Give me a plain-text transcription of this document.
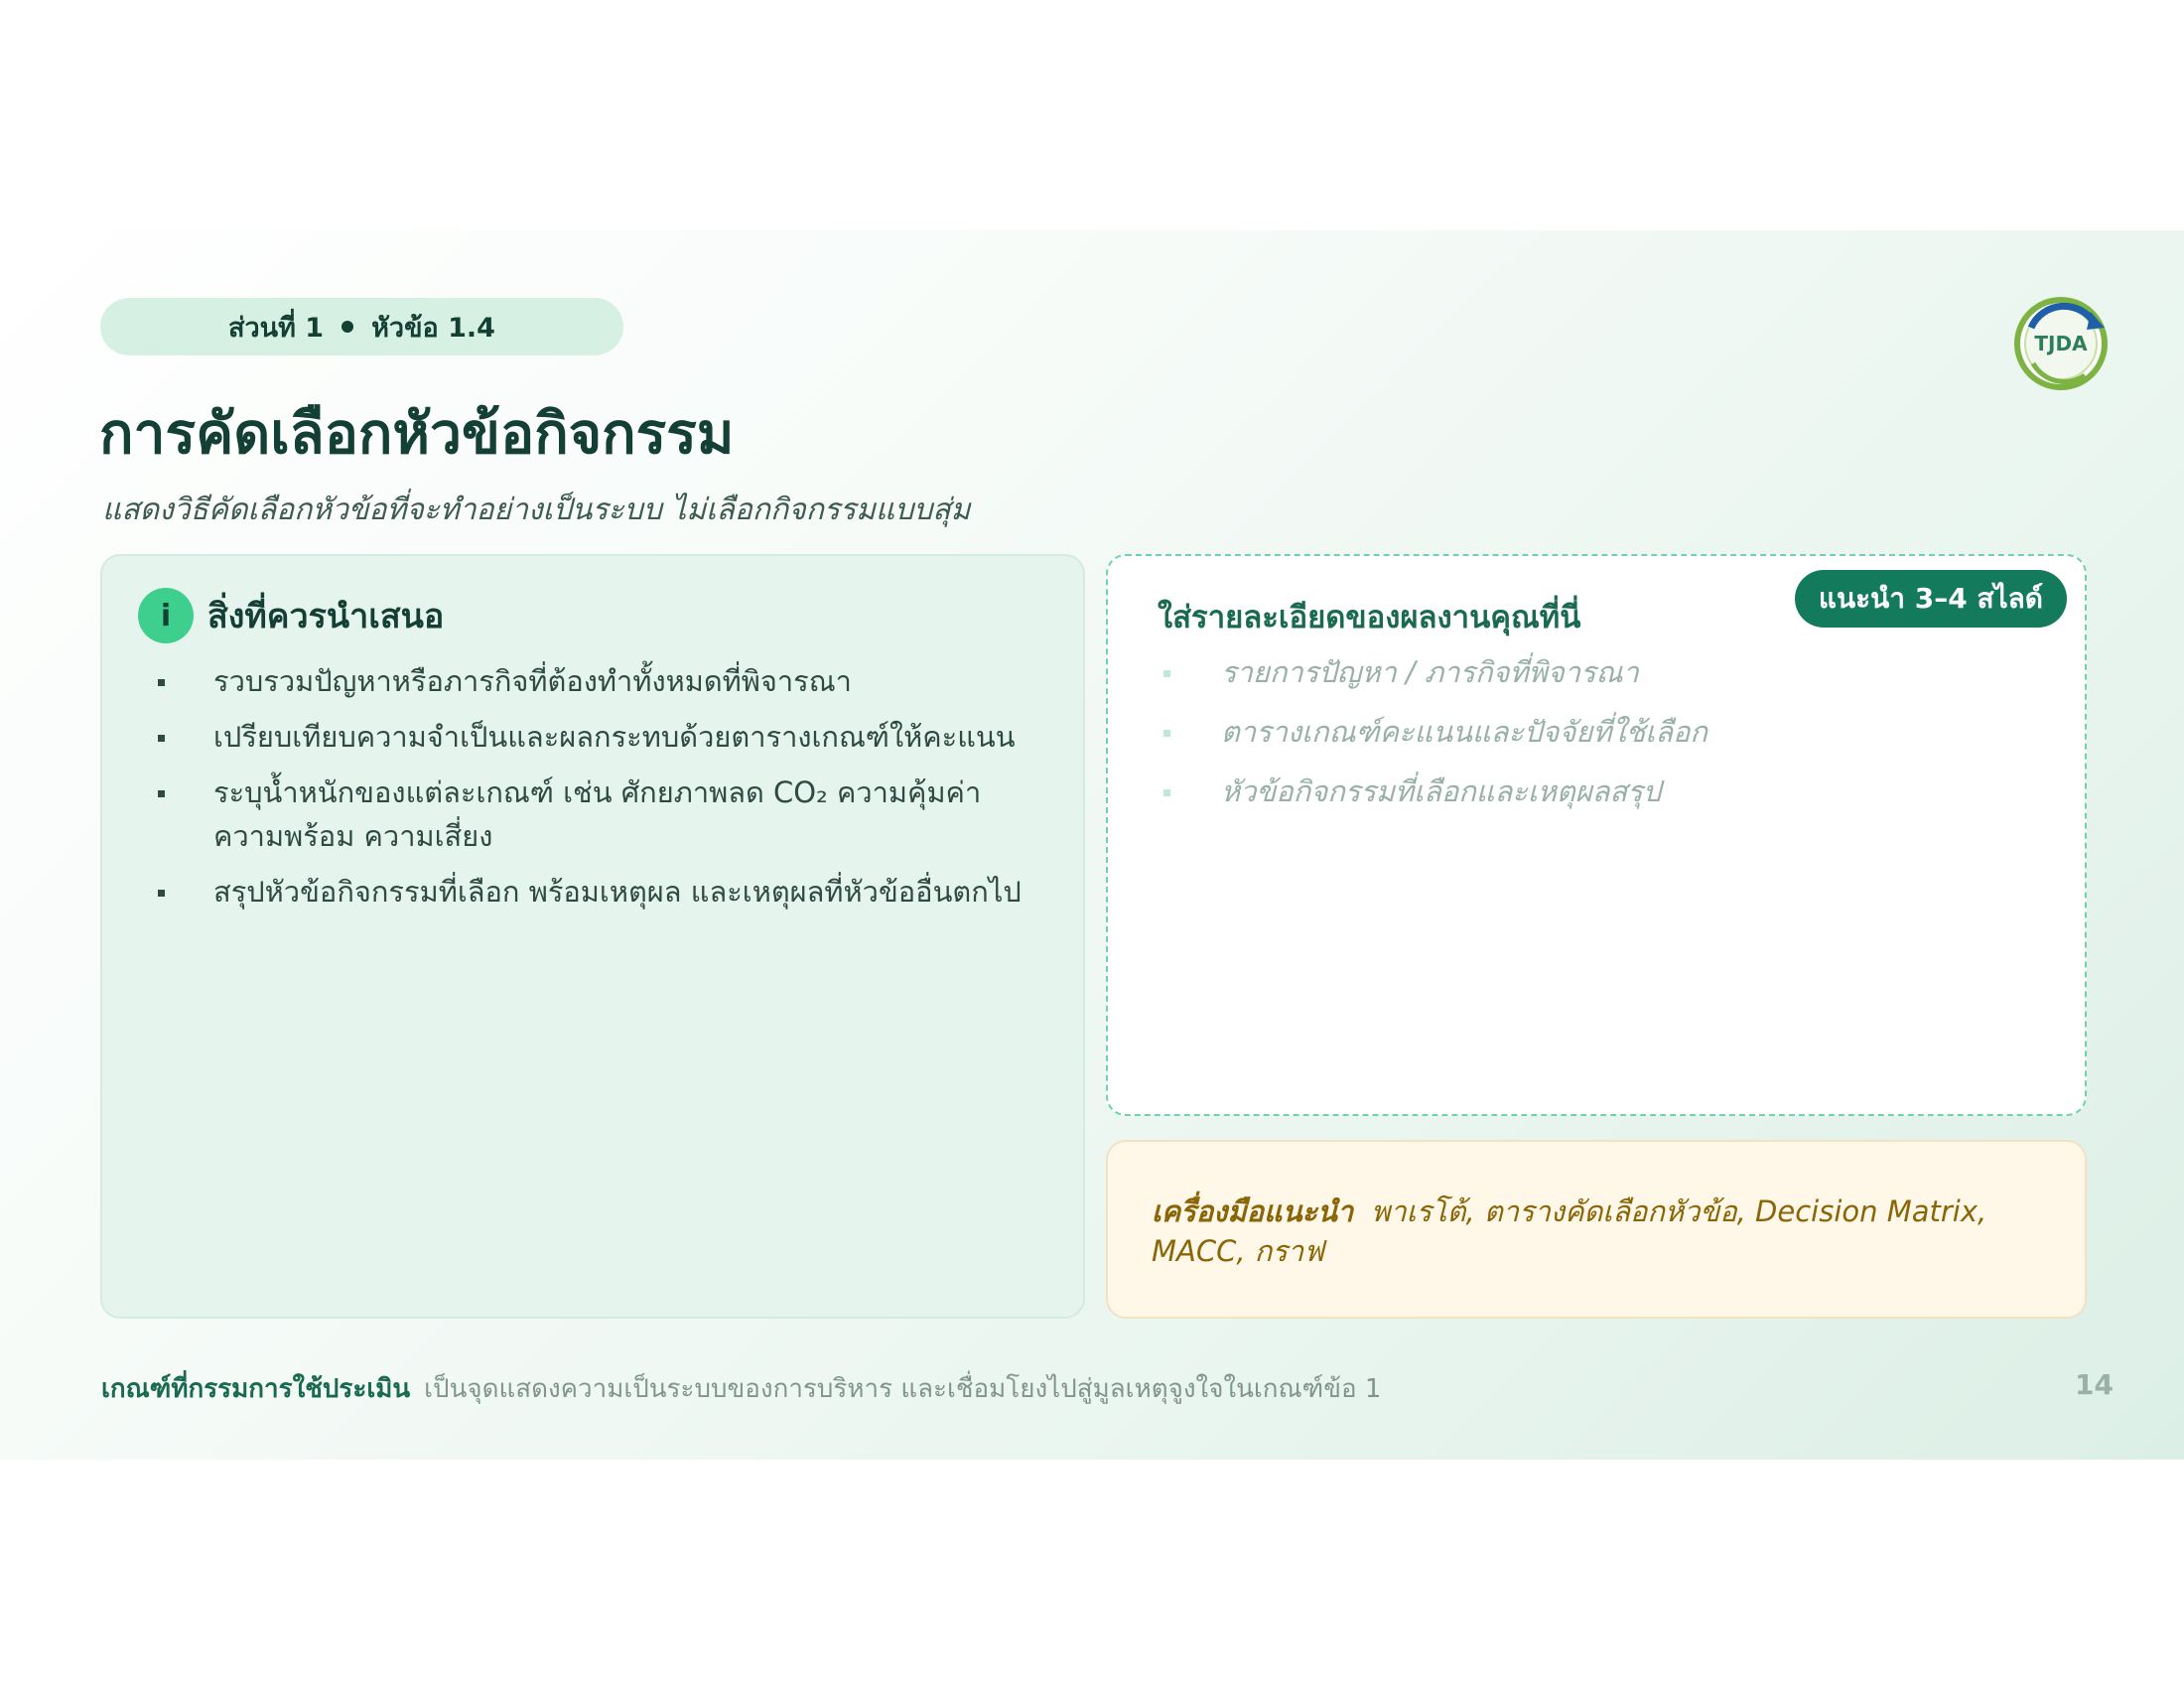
ส่วนที่ 1 หัวข้อ 1.4
TJDA
การคัดเลือกหัวข้อกิจกรรม
แสดงวิธีคัดเลือกหัวข้อที่จะทำอย่างเป็นระบบ ไม่เลือกกิจกรรมแบบสุ่ม
i	สิ่งที่ควรนำเสนอ
รวบรวมปัญหาหรือภารกิจที่ต้องทำทั้งหมดที่พิจารณา
เปรียบเทียบความจำเป็นและผลกระทบด้วยตารางเกณฑ์ให้คะแนน
ระบุน้ำหนักของแต่ละเกณฑ์ เช่น ศักยภาพลด CO₂ ความคุ้มค่า ความพร้อม ความเสี่ยง
สรุปหัวข้อกิจกรรมที่เลือก พร้อมเหตุผล และเหตุผลที่หัวข้ออื่นตกไป
ใส่รายละเอียดของผลงานคุณที่นี่
แนะนำ 3–4 สไลด์
รายการปัญหา / ภารกิจที่พิจารณา
ตารางเกณฑ์คะแนนและปัจจัยที่ใช้เลือก
หัวข้อกิจกรรมที่เลือกและเหตุผลสรุป
เครื่องมือแนะนำ พาเรโต้, ตารางคัดเลือกหัวข้อ, Decision Matrix, MACC, กราฟ
เกณฑ์ที่กรรมการใช้ประเมิน เป็นจุดแสดงความเป็นระบบของการบริหาร และเชื่อมโยงไปสู่มูลเหตุจูงใจในเกณฑ์ข้อ 1	14
